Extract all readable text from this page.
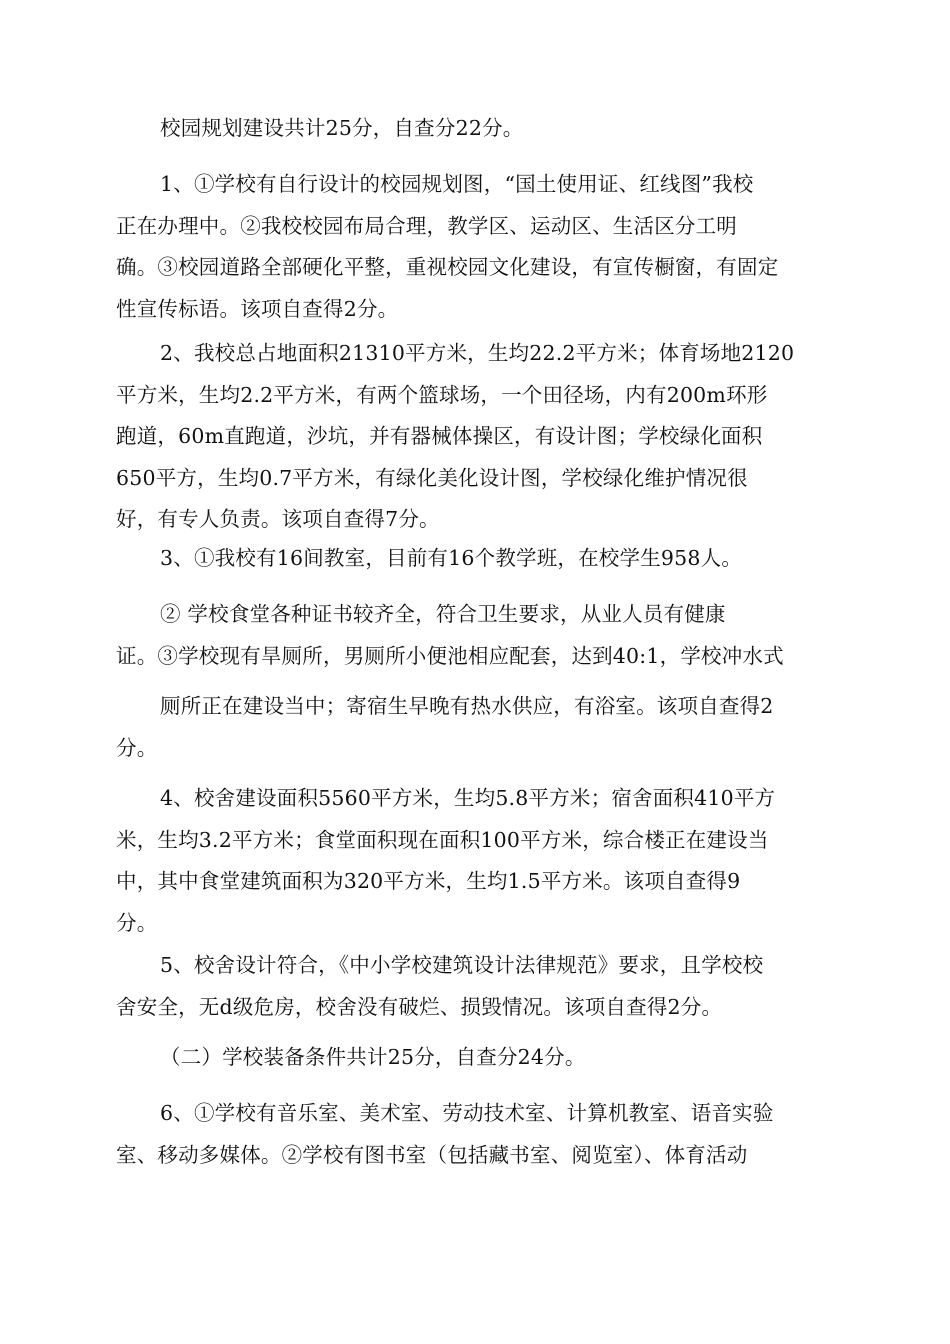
校园规划建设共计25分，自查分22分。

1、①学校有自行设计的校园规划图，“国土使用证、红线图”我校
正在办理中。②我校校园布局合理，教学区、运动区、生活区分工明
确。③校园道路全部硬化平整，重视校园文化建设，有宣传橱窗，有固定
性宣传标语。该项自查得2分。

2、我校总占地面积21310平方米，生均22.2平方米；体育场地2120
平方米，生均2.2平方米，有两个篮球场，一个田径场，内有200m环形
跑道，60m直跑道，沙坑，并有器械体操区，有设计图；学校绿化面积
650平方，生均0.7平方米，有绿化美化设计图，学校绿化维护情况很
好，有专人负责。该项自查得7分。

3、①我校有16间教室，目前有16个教学班，在校学生958人。

② 学校食堂各种证书较齐全，符合卫生要求，从业人员有健康
证。③学校现有旱厕所，男厕所小便池相应配套，达到40:1，学校冲水式

厕所正在建设当中；寄宿生早晚有热水供应，有浴室。该项自查得2
分。

4、校舍建设面积5560平方米，生均5.8平方米；宿舍面积410平方
米，生均3.2平方米；食堂面积现在面积100平方米，综合楼正在建设当
中，其中食堂建筑面积为320平方米，生均1.5平方米。该项自查得9
分。

5、校舍设计符合，《中小学校建筑设计法律规范》要求，且学校校
舍安全，无d级危房，校舍没有破烂、损毁情况。该项自查得2分。

（二）学校装备条件共计25分，自查分24分。

6、①学校有音乐室、美术室、劳动技术室、计算机教室、语音实验
室、移动多媒体。②学校有图书室（包括藏书室、阅览室）、体育活动
